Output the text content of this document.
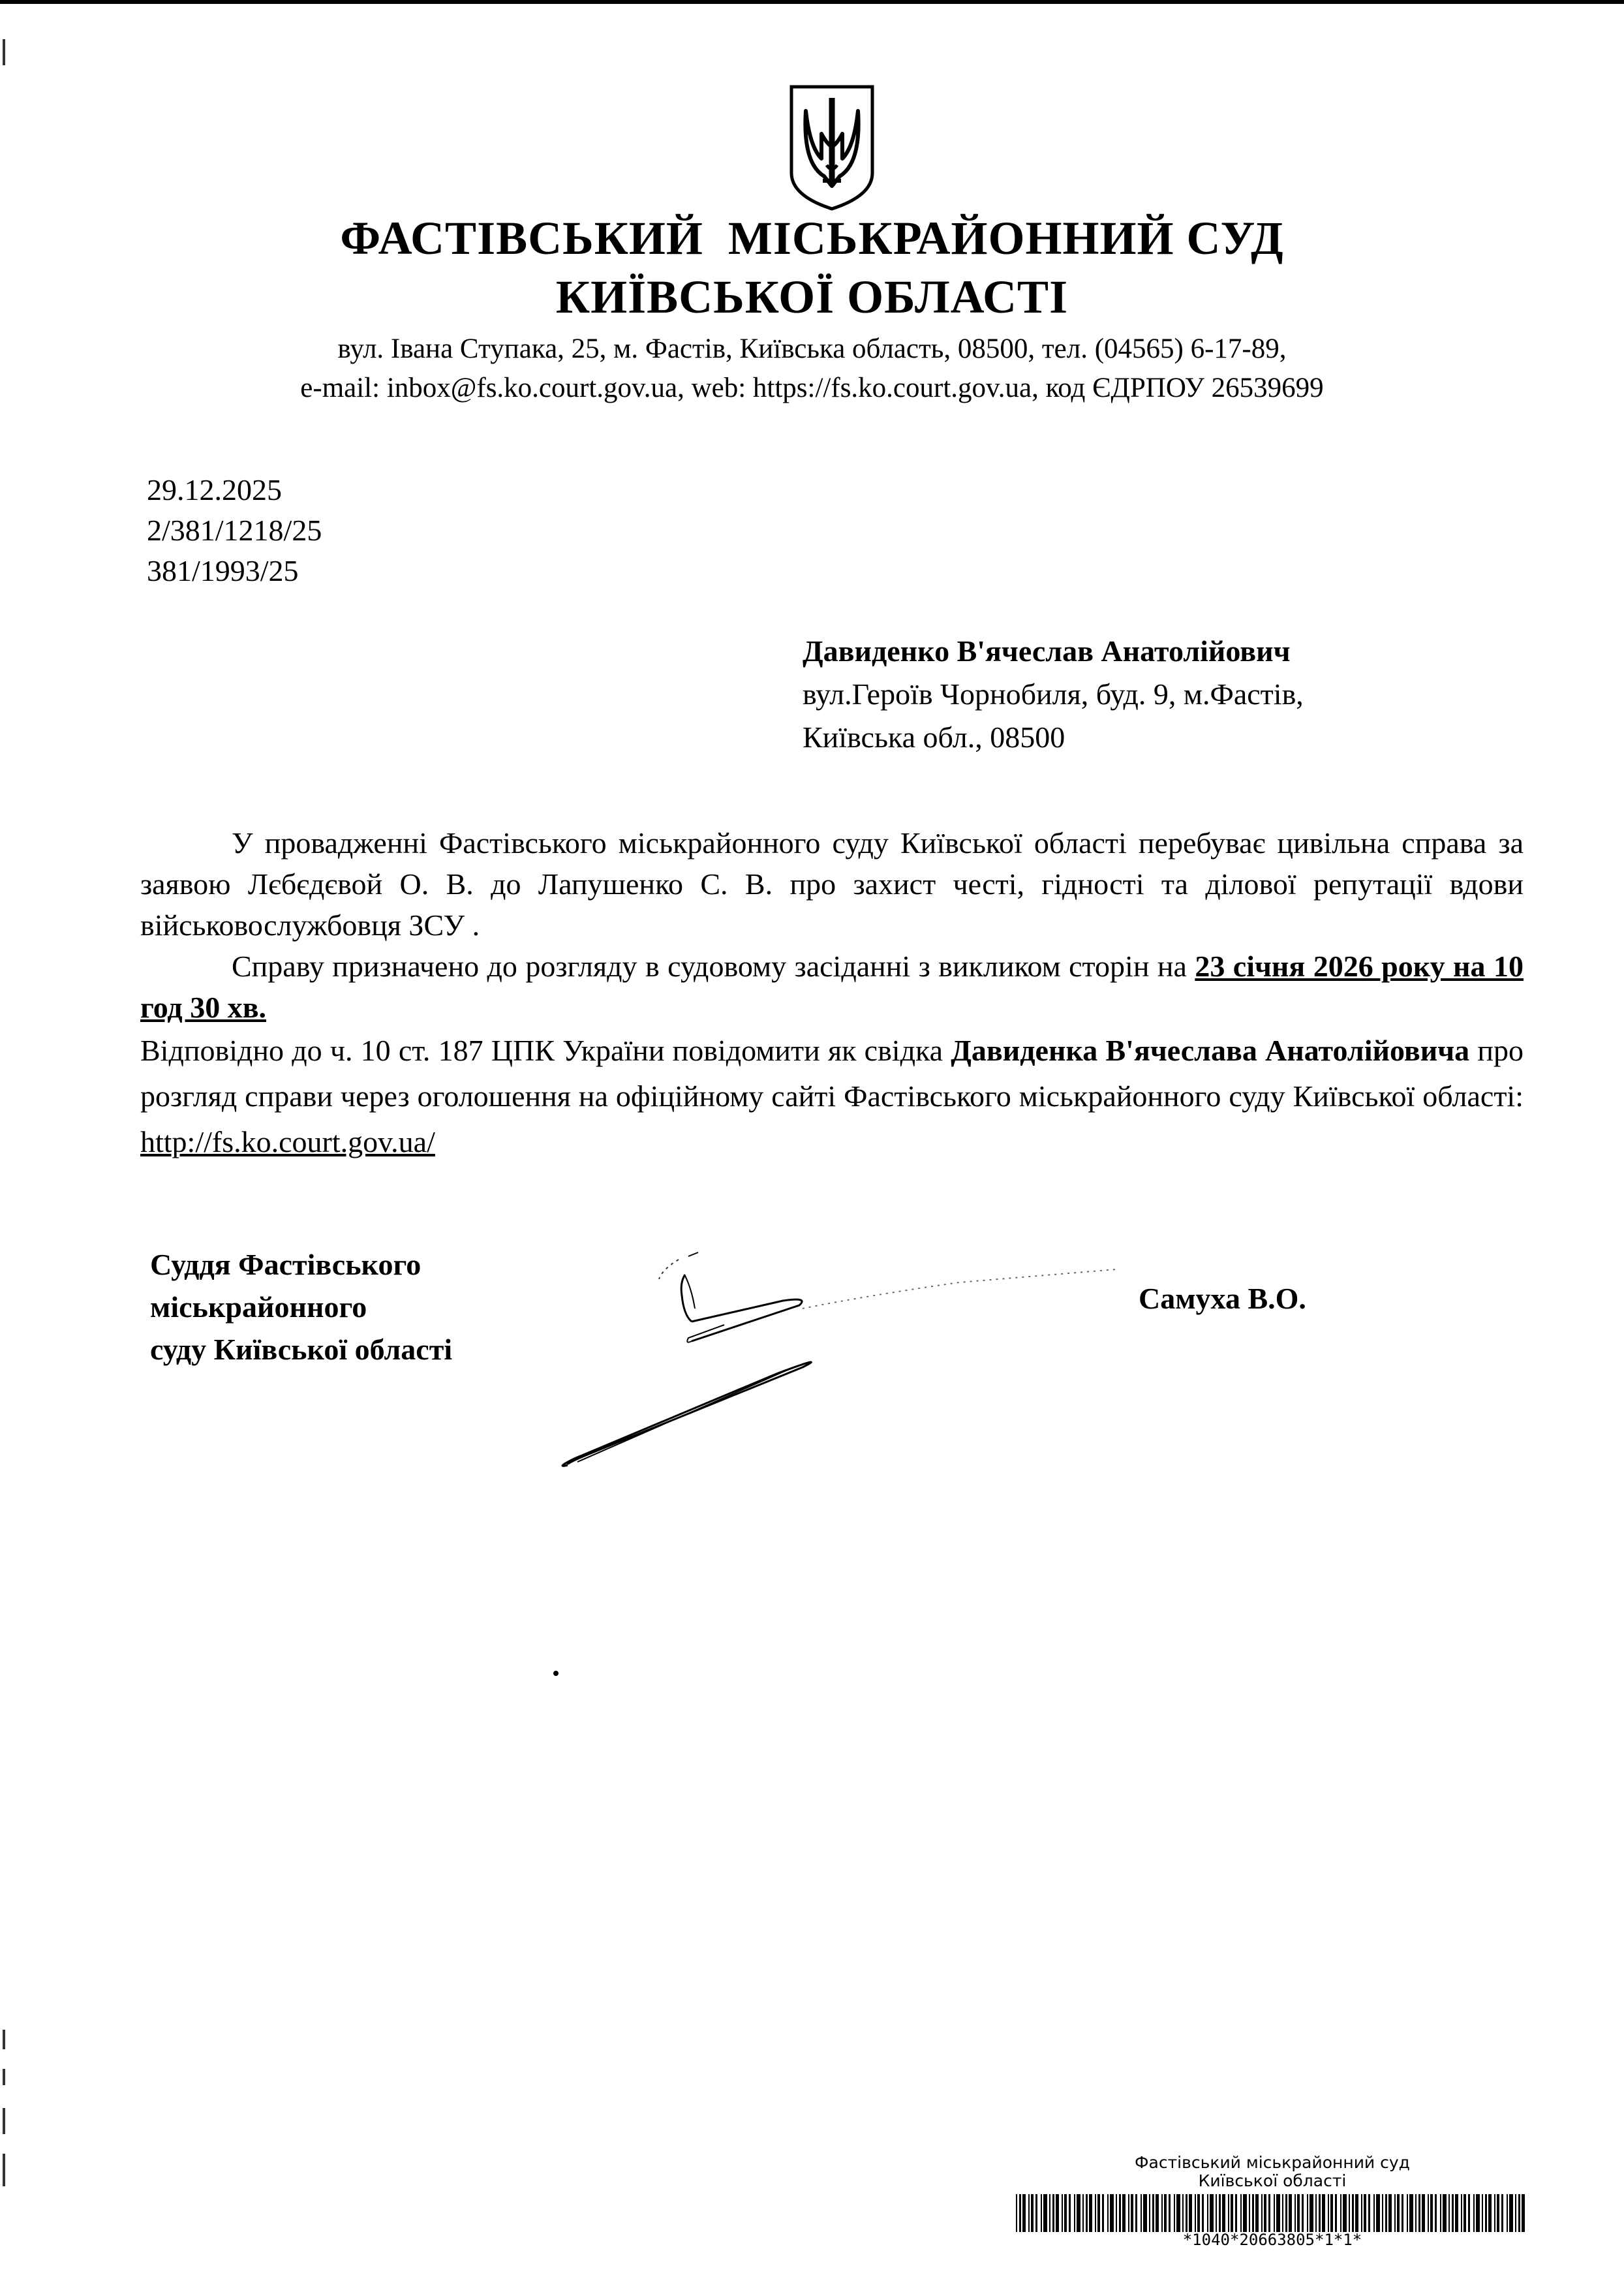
ФАСТІВСЬКИЙ  МІСЬКРАЙОННИЙ СУД
КИЇВСЬКОЇ ОБЛАСТІ
вул. Івана Ступака, 25, м. Фастів, Київська область, 08500, тел. (04565) 6-17-89,
e-mail: inbox@fs.ko.court.gov.ua, web: https://fs.ko.court.gov.ua, код ЄДРПОУ 26539699
29.12.2025
2/381/1218/25
381/1993/25
Давиденко В'ячеслав Анатолійович
вул.Героїв Чорнобиля, буд. 9, м.Фастів,
Київська обл., 08500

У провадженні Фастівського міськрайонного суду Київської області перебуває цивільна справа за заявою Лєбєдєвой О. В. до Лапушенко С. В. про захист честі, гідності та ділової репутації вдови військовослужбовця ЗСУ .

Справу призначено до розгляду в судовому засіданні з викликом сторін на 23 січня 2026 року на 10 год 30 хв.

Відповідно до ч. 10 ст. 187 ЦПК України повідомити як свідка Давиденка В'ячеслава Анатолійовича про розгляд справи через оголошення на офіційному сайті Фастівського міськрайонного суду Київської області: http://fs.ko.court.gov.ua/

Суддя Фастівського
міськрайонного
суду Київської області
Самуха В.О.
Фастівський міськрайонний суд
Київської області
*1040*20663805*1*1*
